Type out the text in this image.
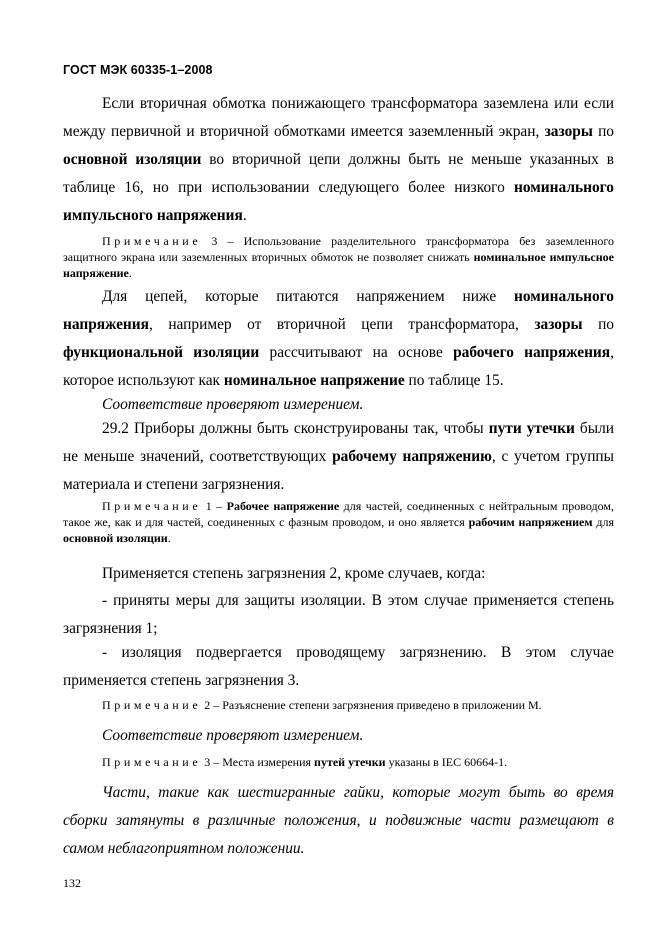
ГОСТ МЭК 60335-1–2008

Если вторичная обмотка понижающего трансформатора заземлена или если между первичной и вторичной обмотками имеется заземленный экран, зазоры по основной изоляции во вторичной цепи должны быть не меньше указанных в таблице 16, но при использовании следующего более низкого номинального импульсного напряжения.

Примечание 3 – Использование разделительного трансформатора без заземленного защитного экрана или заземленных вторичных обмоток не позволяет снижать номинальное импульсное напряжение.

Для цепей, которые питаются напряжением ниже номинального напряжения, например от вторичной цепи трансформатора, зазоры по функциональной изоляции рассчитывают на основе рабочего напряжения, которое используют как номинальное напряжение по таблице 15.

Соответствие проверяют измерением.

29.2 Приборы должны быть сконструированы так, чтобы пути утечки были не меньше значений, соответствующих рабочему напряжению, с учетом группы материала и степени загрязнения.

Примечание 1 – Рабочее напряжение для частей, соединенных с нейтральным проводом, такое же, как и для частей, соединенных с фазным проводом, и оно является рабочим напряжением для основной изоляции.

Применяется степень загрязнения 2, кроме случаев, когда:

- приняты меры для защиты изоляции. В этом случае применяется степень загрязнения 1;

- изоляция подвергается проводящему загрязнению. В этом случае применяется степень загрязнения 3.

Примечание 2 – Разъяснение степени загрязнения приведено в приложении М.

Соответствие проверяют измерением.

Примечание 3 – Места измерения путей утечки указаны в IEC 60664-1.

Части, такие как шестигранные гайки, которые могут быть во время сборки затянуты в различные положения, и подвижные части размещают в самом неблагоприятном положении.

132
